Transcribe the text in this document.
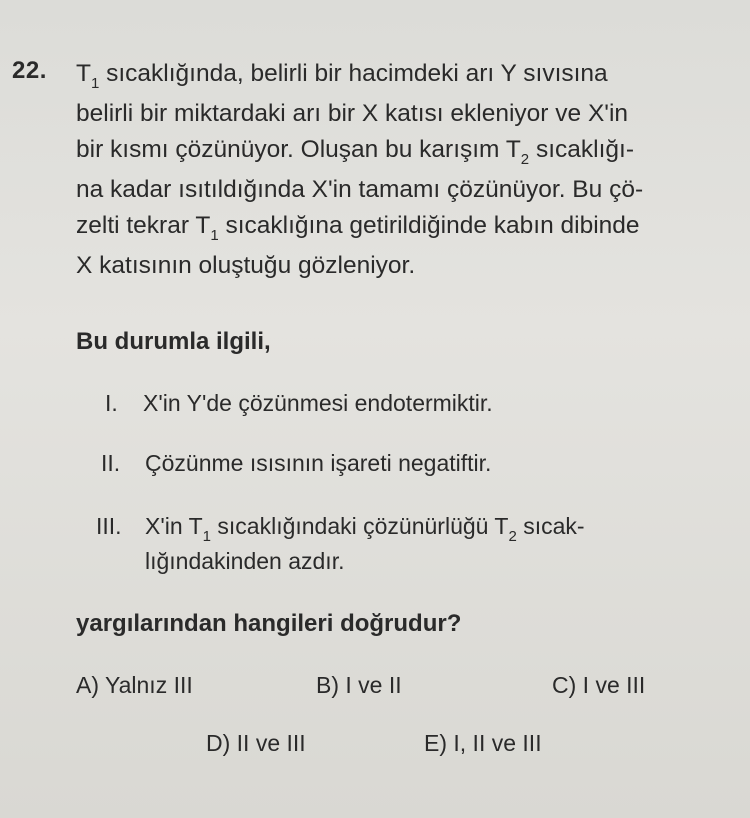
22. $T_1$ sıcaklığında, belirli bir hacimdeki arı Y sıvısına
belirli bir miktardaki arı bir X katısı ekleniyor ve X'in
bir kısmı çözünüyor. Oluşan bu karışım $T_2$ sıcaklığı-
na kadar ısıtıldığında X'in tamamı çözünüyor. Bu çö-
zelti tekrar $T_1$ sıcaklığına getirildiğinde kabın dibinde
X katısının oluştuğu gözleniyor.
Bu durumla ilgili,
I. X'in Y'de çözünmesi endotermiktir.
II. Çözünme ısısının işareti negatiftir.
III. X'in $T_1$ sıcaklığındaki çözünürlüğü $T_2$ sıcak-
lığındakinden azdır.
yargılarından hangileri doğrudur?
A) Yalnız III	B) I ve II	C) I ve III
D) II ve III	E) I, II ve III
